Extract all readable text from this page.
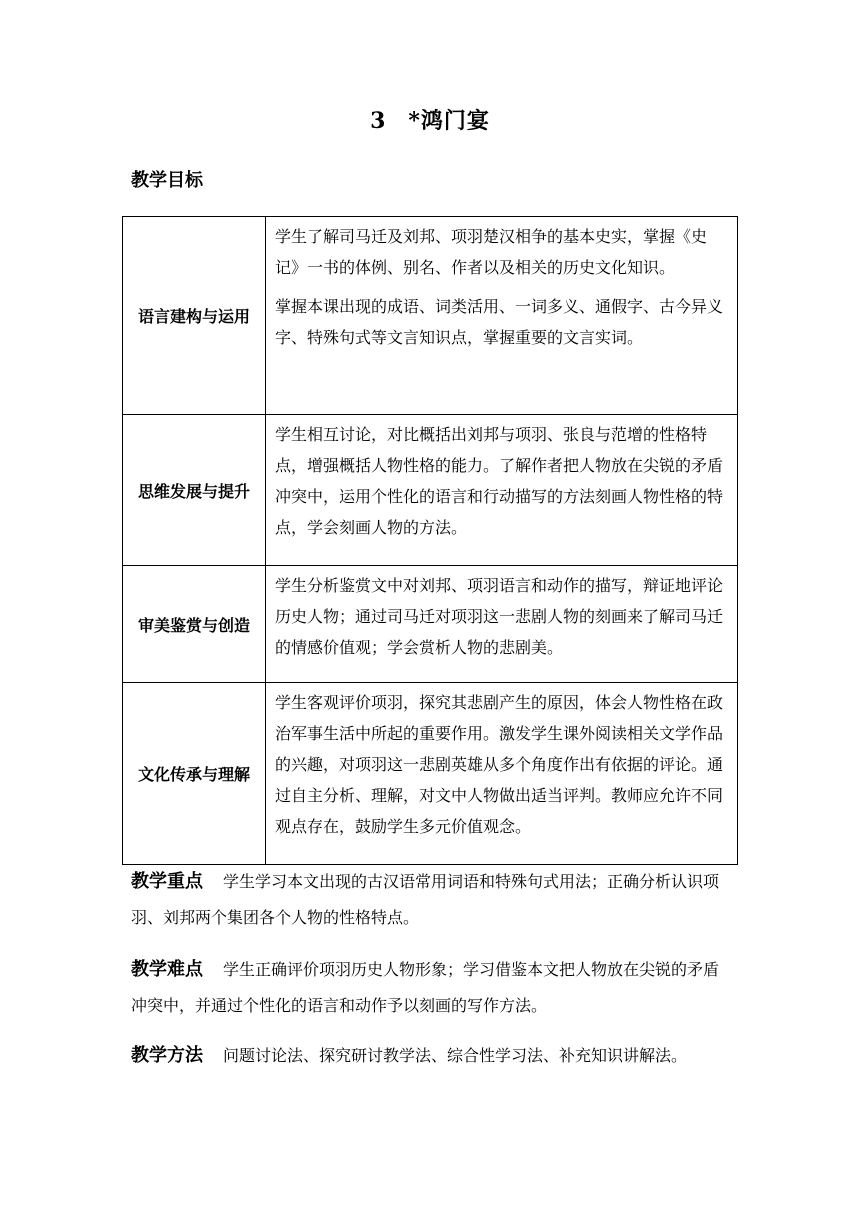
3 *鸿门宴
教学目标
语言建构与运用	学生了解司马迁及刘邦、项羽楚汉相争的基本史实，掌握《史记》一书的体例、别名、作者以及相关的历史文化知识。

掌握本课出现的成语、词类活用、一词多义、通假字、古今异义字、特殊句式等文言知识点，掌握重要的文言实词。

思维发展与提升	学生相互讨论，对比概括出刘邦与项羽、张良与范增的性格特点，增强概括人物性格的能力。了解作者把人物放在尖锐的矛盾冲突中，运用个性化的语言和行动描写的方法刻画人物性格的特点，学会刻画人物的方法。

审美鉴赏与创造	学生分析鉴赏文中对刘邦、项羽语言和动作的描写，辩证地评论历史人物；通过司马迁对项羽这一悲剧人物的刻画来了解司马迁的情感价值观；学会赏析人物的悲剧美。

文化传承与理解	学生客观评价项羽，探究其悲剧产生的原因，体会人物性格在政治军事生活中所起的重要作用。激发学生课外阅读相关文学作品的兴趣，对项羽这一悲剧英雄从多个角度作出有依据的评论。通过自主分析、理解，对文中人物做出适当评判。教师应允许不同观点存在，鼓励学生多元价值观念。

教学重点 学生学习本文出现的古汉语常用词语和特殊句式用法；正确分析认识项羽、刘邦两个集团各个人物的性格特点。
教学难点 学生正确评价项羽历史人物形象；学习借鉴本文把人物放在尖锐的矛盾冲突中，并通过个性化的语言和动作予以刻画的写作方法。
教学方法 问题讨论法、探究研讨教学法、综合性学习法、补充知识讲解法。
